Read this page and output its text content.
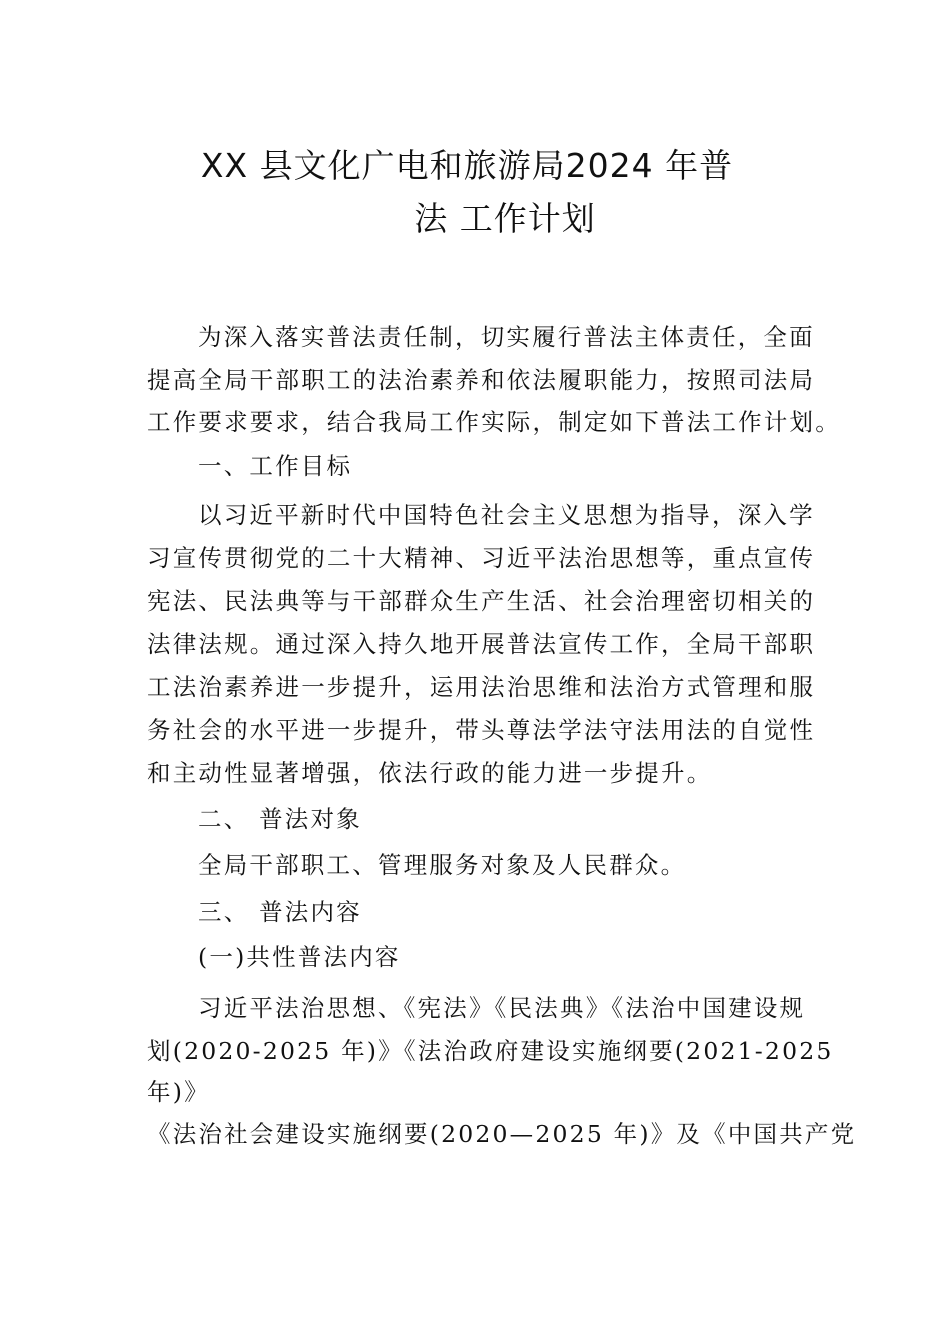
XX 县文化广电和旅游局2024 年普
法 工作计划

为深入落实普法责任制，切实履行普法主体责任，全面

提高全局干部职工的法治素养和依法履职能力，按照司法局

工作要求要求，结合我局工作实际，制定如下普法工作计划。

一、工作目标

以习近平新时代中国特色社会主义思想为指导，深入学

习宣传贯彻党的二十大精神、习近平法治思想等，重点宣传

宪法、民法典等与干部群众生产生活、社会治理密切相关的

法律法规。通过深入持久地开展普法宣传工作，全局干部职

工法治素养进一步提升，运用法治思维和法治方式管理和服

务社会的水平进一步提升，带头尊法学法守法用法的自觉性

和主动性显著增强，依法行政的能力进一步提升。

二、 普法对象

全局干部职工、管理服务对象及人民群众。

三、 普法内容

(一)共性普法内容

习近平法治思想、《宪法》《民法典》《法治中国建设规

划(2020-2025 年)》《法治政府建设实施纲要(2021-2025

年)》

《法治社会建设实施纲要(2020—2025 年)》及《中国共产党
